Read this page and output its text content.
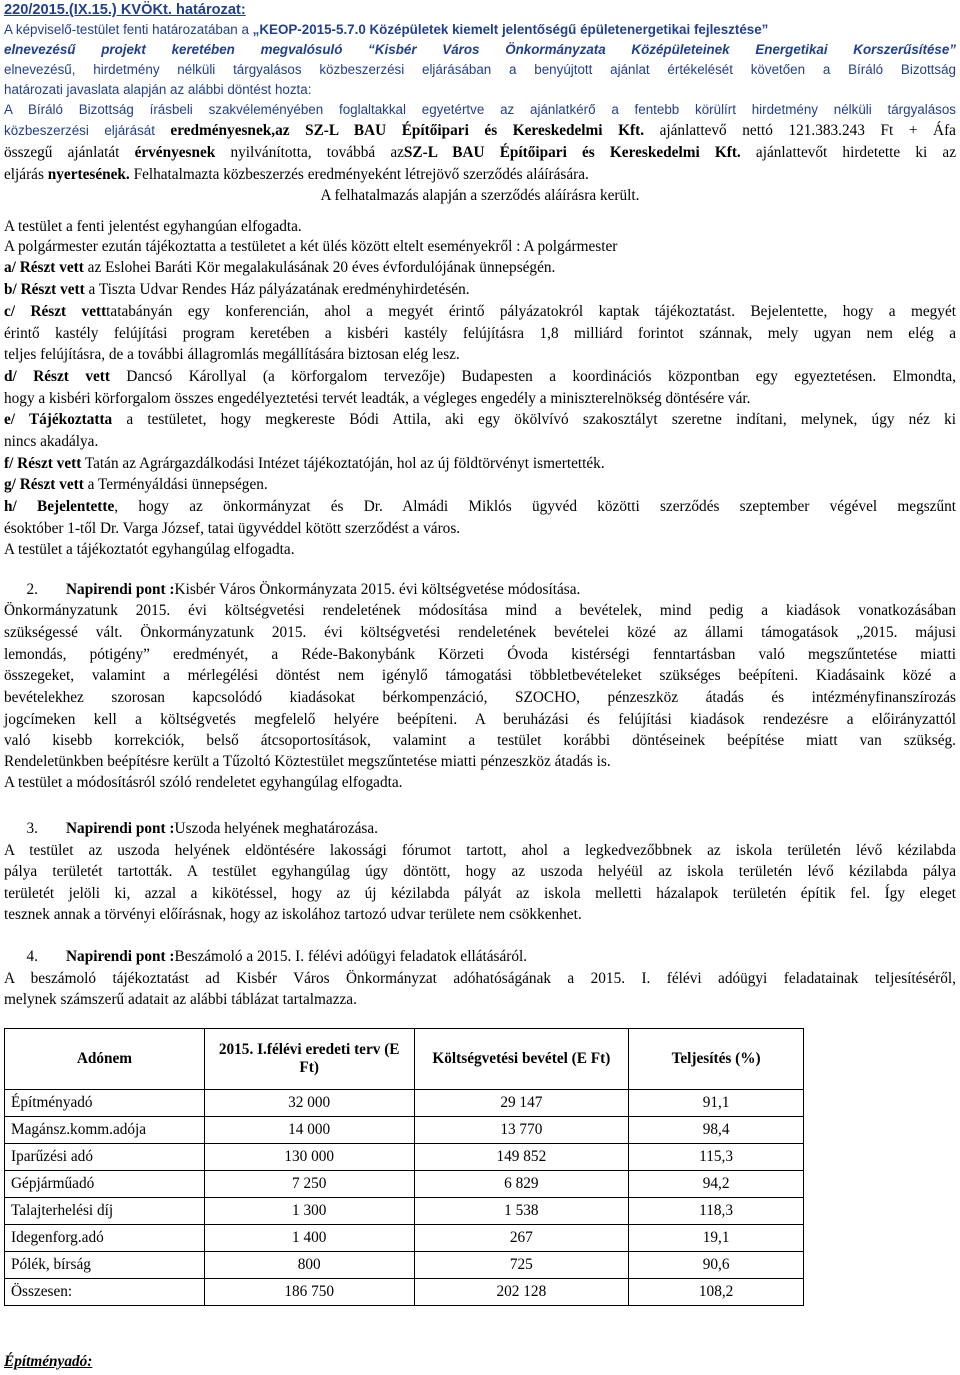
220/2015.(IX.15.) KVÖKt. határozat:
A képviselő-testület fenti határozatában a „KEOP-2015-5.7.0 Középületek kiemelt jelentőségű épületenergetikai fejlesztése”
elnevezésű projekt keretében megvalósuló “Kisbér Város Önkormányzata Középületeinek Energetikai Korszerűsítése”
elnevezésű, hirdetmény nélküli tárgyalásos közbeszerzési eljárásában a benyújtott ajánlat értékelését követően a Bíráló Bizottság
határozati javaslata alapján az alábbi döntést hozta:
A Bíráló Bizottság írásbeli szakvéleményében foglaltakkal egyetértve az ajánlatkérő a fentebb körülírt hirdetmény nélküli tárgyalásos
közbeszerzési eljárását eredményesnek,az SZ-L BAU Építőipari és Kereskedelmi Kft. ajánlattevő nettó 121.383.243 Ft + Áfa
összegű ajánlatát érvényesnek nyilvánította, továbbá azSZ-L BAU Építőipari és Kereskedelmi Kft. ajánlattevőt hirdetette ki az
eljárás nyertesének. Felhatalmazta közbeszerzés eredményeként létrejövő szerződés aláírására.
A felhatalmazás alapján a szerződés aláírásra került.
A testület a fenti jelentést egyhangúan elfogadta.
A polgármester ezután tájékoztatta a testületet a két ülés között eltelt eseményekről : A polgármester
a/ Részt vett az Eslohei Baráti Kör megalakulásának 20 éves évfordulójának ünnepségén.
b/ Részt vett a Tiszta Udvar Rendes Ház pályázatának eredményhirdetésén.
c/ Részt vetttatabányán egy konferencián, ahol a megyét érintő pályázatokról kaptak tájékoztatást. Bejelentette, hogy a megyét
érintő kastély felújítási program keretében a kisbéri kastély felújításra 1,8 milliárd forintot szánnak, mely ugyan nem elég a
teljes felújításra, de a további állagromlás megállítására biztosan elég lesz.
d/ Részt vett Dancsó Károllyal (a körforgalom tervezője) Budapesten a koordinációs központban egy egyeztetésen. Elmondta,
hogy a kisbéri körforgalom összes engedélyeztetési tervét leadták, a végleges engedély a miniszterelnökség döntésére vár.
e/ Tájékoztatta a testületet, hogy megkereste Bódi Attila, aki egy ökölvívó szakosztályt szeretne indítani, melynek, úgy néz ki
nincs akadálya.
f/ Részt vett Tatán az Agrárgazdálkodási Intézet tájékoztatóján, hol az új földtörvényt ismertették.
g/ Részt vett a Terményáldási ünnepségen.
h/ Bejelentette, hogy az önkormányzat és Dr. Almádi Miklós ügyvéd közötti szerződés szeptember végével megszűnt
ésoktóber 1-től Dr. Varga József, tatai ügyvéddel kötött szerződést a város.
A testület a tájékoztatót egyhangúlag elfogadta.
2. Napirendi pont :Kisbér Város Önkormányzata 2015. évi költségvetése módosítása.
Önkormányzatunk 2015. évi költségvetési rendeletének módosítása mind a bevételek, mind pedig a kiadások vonatkozásában
szükségessé vált. Önkormányzatunk 2015. évi költségvetési rendeletének bevételei közé az állami támogatások „2015. májusi
lemondás, pótigény” eredményét, a Réde-Bakonybánk Körzeti Óvoda kistérségi fenntartásban való megszűntetése miatti
összegeket, valamint a mérlegélési döntést nem igénylő támogatási többletbevételeket szükséges beépíteni. Kiadásaink közé a
bevételekhez szorosan kapcsolódó kiadásokat bérkompenzáció, SZOCHO, pénzeszköz átadás és intézményfinanszírozás
jogcímeken kell a költségvetés megfelelő helyére beépíteni. A beruházási és felújítási kiadások rendezésre a előirányzattól
való kisebb korrekciók, belső átcsoportosítások, valamint a testület korábbi döntéseinek beépítése miatt van szükség.
Rendeletünkben beépítésre került a Tűzoltó Köztestület megszűntetése miatti pénzeszköz átadás is.
A testület a módosításról szóló rendeletet egyhangúlag elfogadta.
3. Napirendi pont :Uszoda helyének meghatározása.
A testület az uszoda helyének eldöntésére lakossági fórumot tartott, ahol a legkedvezőbbnek az iskola területén lévő kézilabda
pálya területét tartották. A testület egyhangúlag úgy döntött, hogy az uszoda helyéül az iskola területén lévő kézilabda pálya
területét jelöli ki, azzal a kikötéssel, hogy az új kézilabda pályát az iskola melletti házalapok területén építik fel. Így eleget
tesznek annak a törvényi előírásnak, hogy az iskolához tartozó udvar területe nem csökkenhet.
4. Napirendi pont :Beszámoló a 2015. I. félévi adóügyi feladatok ellátásáról.
A beszámoló tájékoztatást ad Kisbér Város Önkormányzat adóhatóságának a 2015. I. félévi adóügyi feladatainak teljesítéséről,
melynek számszerű adatait az alábbi táblázat tartalmazza.
Adónem	2015. I.félévi eredeti terv (E Ft)	Költségvetési bevétel (E Ft)	Teljesítés (%)
Építményadó	32 000	29 147	91,1
Magánsz.komm.adója	14 000	13 770	98,4
Iparűzési adó	130 000	149 852	115,3
Gépjárműadó	7 250	6 829	94,2
Talajterhelési díj	1 300	1 538	118,3
Idegenforg.adó	1 400	267	19,1
Pólék, bírság	800	725	90,6
Összesen:	186 750	202 128	108,2
Építményadó:
